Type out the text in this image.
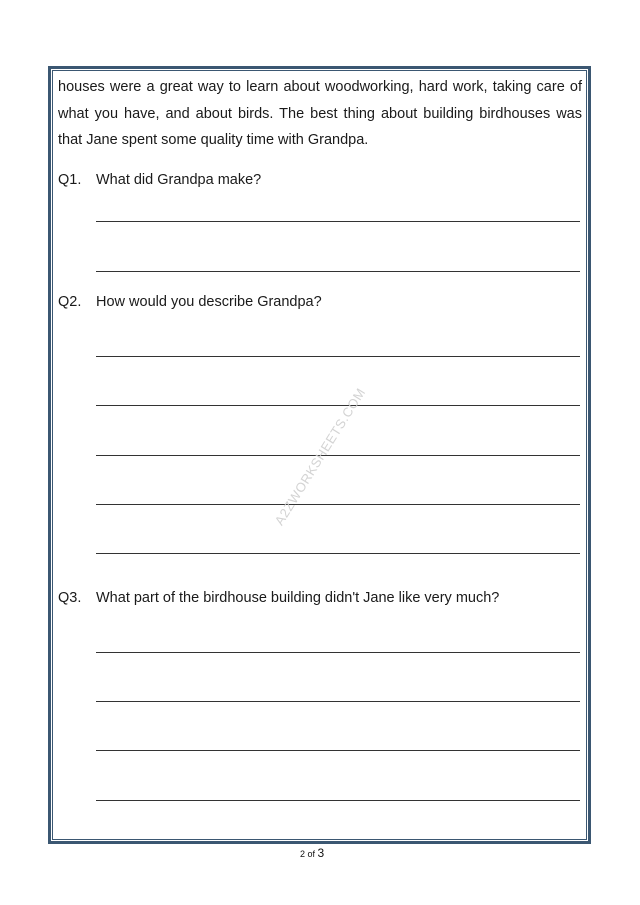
houses were a great way to learn about woodworking, hard work, taking care of what you have, and about birds. The best thing about building birdhouses was that Jane spent some quality time with Grandpa.

Q1. What did Grandpa make?
Q2. How would you describe Grandpa?
Q3. What part of the birdhouse building didn't Jane like very much?
A2ZWORKSHEETS.COM
2 of 3
